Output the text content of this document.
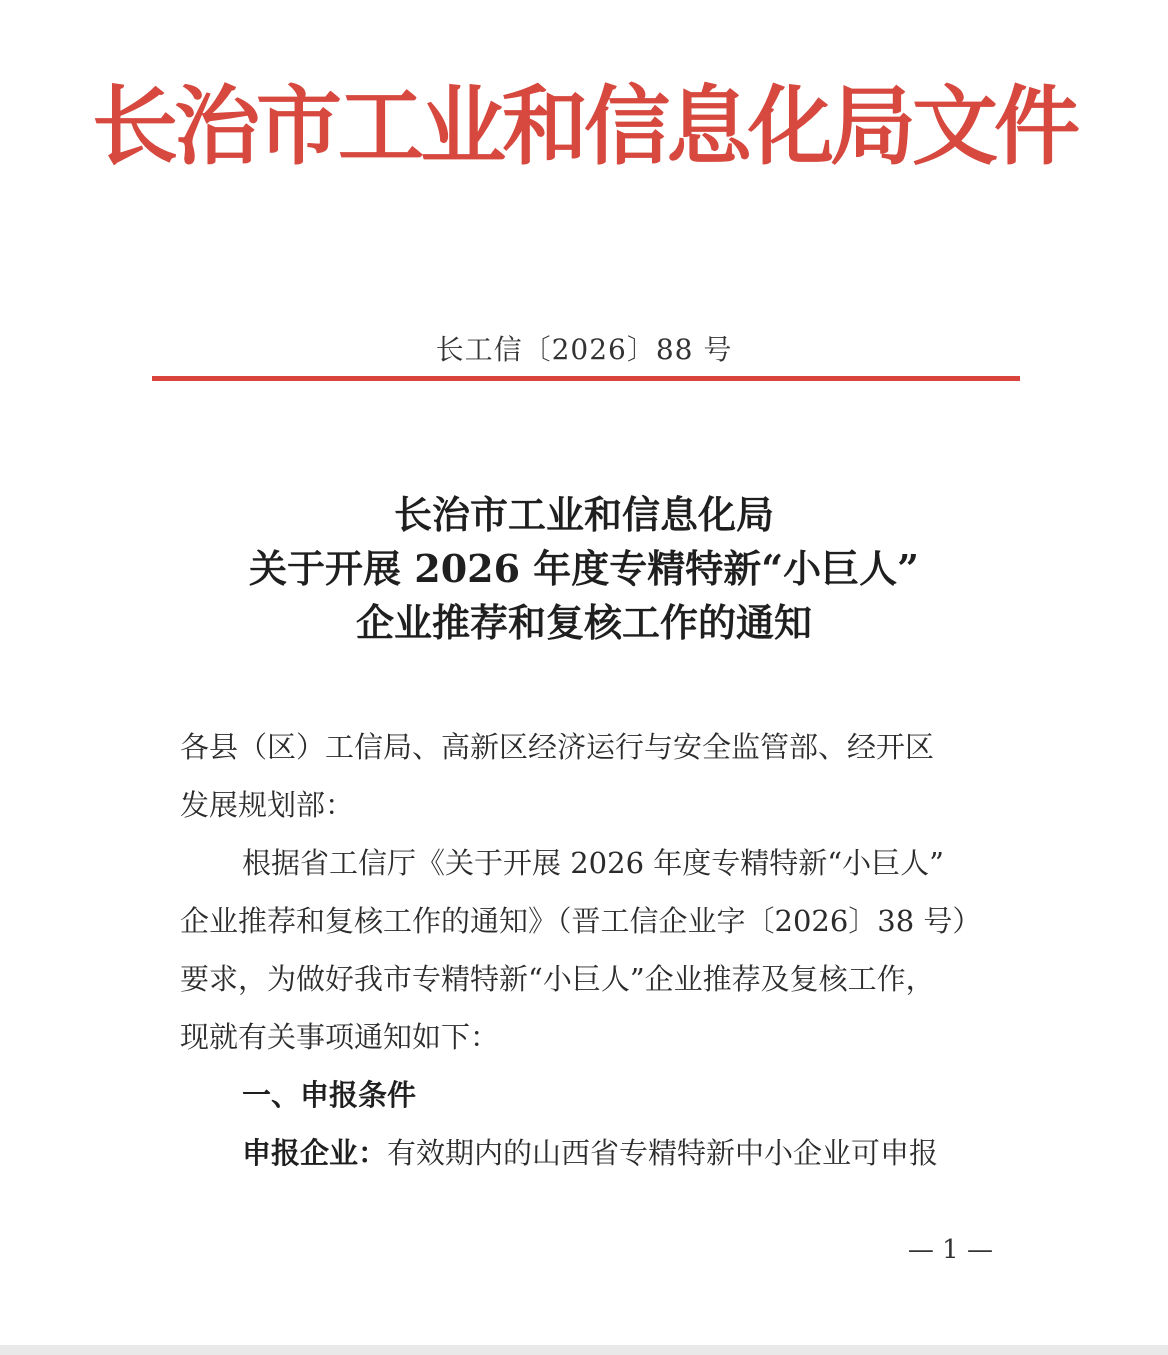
长治市工业和信息化局文件
长工信〔2026〕88 号
长治市工业和信息化局
关于开展 2026 年度专精特新“小巨人”
企业推荐和复核工作的通知

各县（区）工信局、高新区经济运行与安全监管部、经开区

发展规划部：

根据省工信厅《关于开展 2026 年度专精特新“小巨人”

企业推荐和复核工作的通知》（晋工信企业字〔2026〕38 号）

要求，为做好我市专精特新“小巨人”企业推荐及复核工作，

现就有关事项通知如下：

一、申报条件

申报企业：有效期内的山西省专精特新中小企业可申报

— 1 —
